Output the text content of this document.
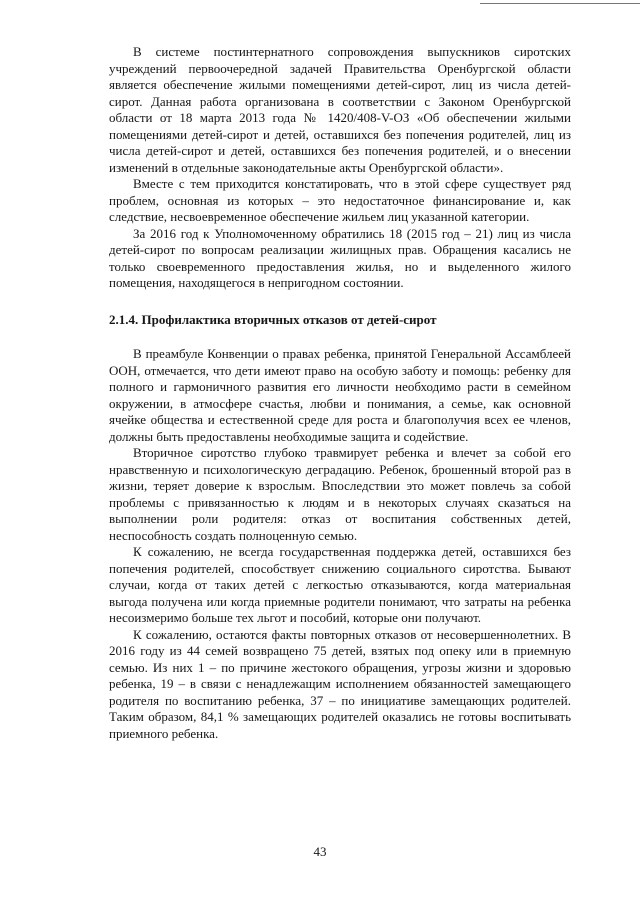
В системе постинтернатного сопровождения выпускников сиротских учреждений первоочередной задачей Правительства Оренбургской области является обеспечение жилыми помещениями детей-сирот, лиц из числа детей-сирот. Данная работа организована в соответствии с Законом Оренбургской области от 18 марта 2013 года № 1420/408-V-ОЗ «Об обеспечении жилыми помещениями детей-сирот и детей, оставшихся без попечения родителей, лиц из числа детей-сирот и детей, оставшихся без попечения родителей, и о внесении изменений в отдельные законодательные акты Оренбургской области».

Вместе с тем приходится констатировать, что в этой сфере существует ряд проблем, основная из которых – это недостаточное финансирование и, как следствие, несвоевременное обеспечение жильем лиц указанной категории.

За 2016 год к Уполномоченному обратились 18 (2015 год – 21) лиц из числа детей-сирот по вопросам реализации жилищных прав. Обращения касались не только своевременного предоставления жилья, но и выделенного жилого помещения, находящегося в непригодном состоянии.

2.1.4. Профилактика вторичных отказов от детей-сирот

В преамбуле Конвенции о правах ребенка, принятой Генеральной Ассамблеей ООН, отмечается, что дети имеют право на особую заботу и помощь: ребенку для полного и гармоничного развития его личности необходимо расти в семейном окружении, в атмосфере счастья, любви и понимания, а семье, как основной ячейке общества и естественной среде для роста и благополучия всех ее членов, должны быть предоставлены необходимые защита и содействие.

Вторичное сиротство глубоко травмирует ребенка и влечет за собой его нравственную и психологическую деградацию. Ребенок, брошенный второй раз в жизни, теряет доверие к взрослым. Впоследствии это может повлечь за собой проблемы с привязанностью к людям и в некоторых случаях сказаться на выполнении роли родителя: отказ от воспитания собственных детей, неспособность создать полноценную семью.

К сожалению, не всегда государственная поддержка детей, оставшихся без попечения родителей, способствует снижению социального сиротства. Бывают случаи, когда от таких детей с легкостью отказываются, когда материальная выгода получена или когда приемные родители понимают, что затраты на ребенка несоизмеримо больше тех льгот и пособий, которые они получают.

К сожалению, остаются факты повторных отказов от несовершеннолетних. В 2016 году из 44 семей возвращено 75 детей, взятых под опеку или в приемную семью. Из них 1 – по причине жестокого обращения, угрозы жизни и здоровью ребенка, 19 – в связи с ненадлежащим исполнением обязанностей замещающего родителя по воспитанию ребенка, 37 – по инициативе замещающих родителей. Таким образом, 84,1 % замещающих родителей оказались не готовы воспитывать приемного ребенка.

43
